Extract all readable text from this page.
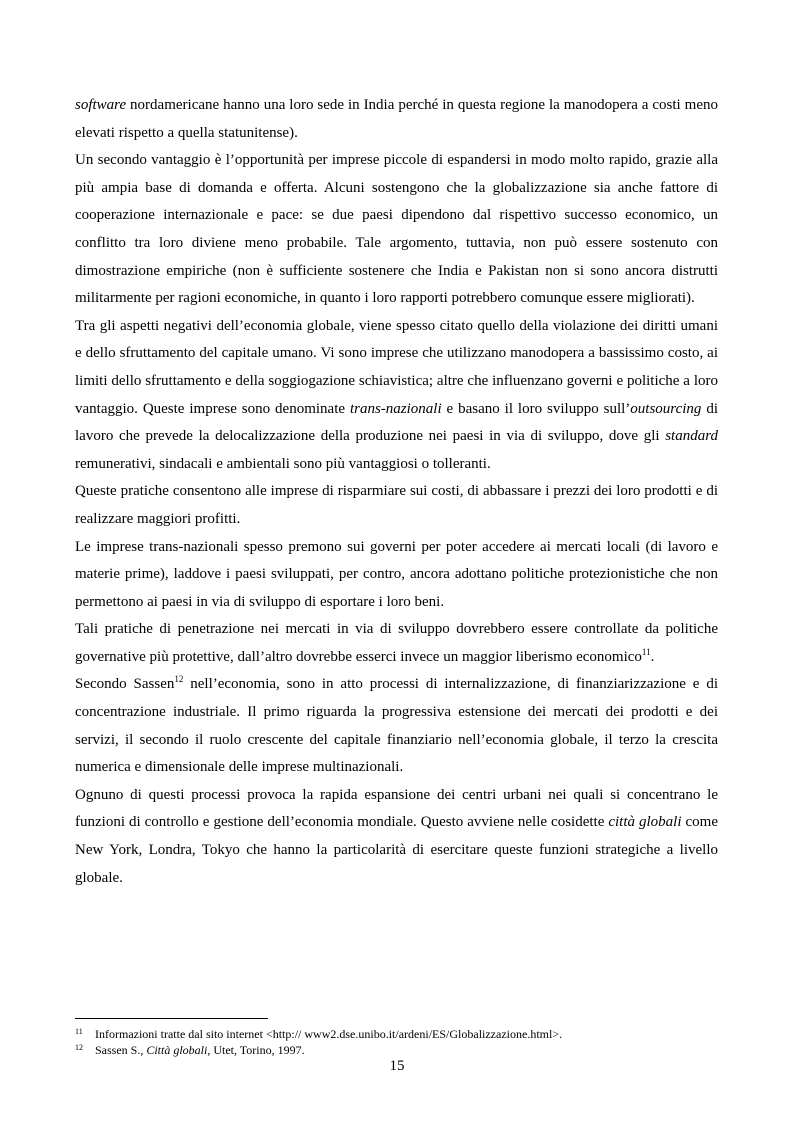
software nordamericane hanno una loro sede in India perché in questa regione la manodopera a costi meno elevati rispetto a quella statunitense).

Un secondo vantaggio è l’opportunità per imprese piccole di espandersi in modo molto rapido, grazie alla più ampia base di domanda e offerta. Alcuni sostengono che la globalizzazione sia anche fattore di cooperazione internazionale e pace: se due paesi dipendono dal rispettivo successo economico, un conflitto tra loro diviene meno probabile. Tale argomento, tuttavia, non può essere sostenuto con dimostrazione empiriche (non è sufficiente sostenere che India e Pakistan non si sono ancora distrutti militarmente per ragioni economiche, in quanto i loro rapporti potrebbero comunque essere migliorati).

Tra gli aspetti negativi dell’economia globale, viene spesso citato quello della violazione dei diritti umani e dello sfruttamento del capitale umano. Vi sono imprese che utilizzano manodopera a bassissimo costo, ai limiti dello sfruttamento e della soggiogazione schiavistica; altre che influenzano governi e politiche a loro vantaggio. Queste imprese sono denominate trans-nazionali e basano il loro sviluppo sull’outsourcing di lavoro che prevede la delocalizzazione della produzione nei paesi in via di sviluppo, dove gli standard remunerativi, sindacali e ambientali sono più vantaggiosi o tolleranti.

Queste pratiche consentono alle imprese di risparmiare sui costi, di abbassare i prezzi dei loro prodotti e di realizzare maggiori profitti.

Le imprese trans-nazionali spesso premono sui governi per poter accedere ai mercati locali (di lavoro e materie prime), laddove i paesi sviluppati, per contro, ancora adottano politiche protezionistiche che non permettono ai paesi in via di sviluppo di esportare i loro beni.

Tali pratiche di penetrazione nei mercati in via di sviluppo dovrebbero essere controllate da politiche governative più protettive, dall’altro dovrebbe esserci invece un maggior liberismo economico$^{11}$.

Secondo Sassen$^{12}$ nell’economia, sono in atto processi di internalizzazione, di finanziarizzazione e di concentrazione industriale. Il primo riguarda la progressiva estensione dei mercati dei prodotti e dei servizi, il secondo il ruolo crescente del capitale finanziario nell’economia globale, il terzo la crescita numerica e dimensionale delle imprese multinazionali.

Ognuno di questi processi provoca la rapida espansione dei centri urbani nei quali si concentrano le funzioni di controllo e gestione dell’economia mondiale. Questo avviene nelle cosidette città globali come New York, Londra, Tokyo che hanno la particolarità di esercitare queste funzioni strategiche a livello globale.

11	Informazioni tratte dal sito internet <http:// www2.dse.unibo.it/ardeni/ES/Globalizzazione.html>.
12	Sassen S., Città globali, Utet, Torino, 1997.
15
